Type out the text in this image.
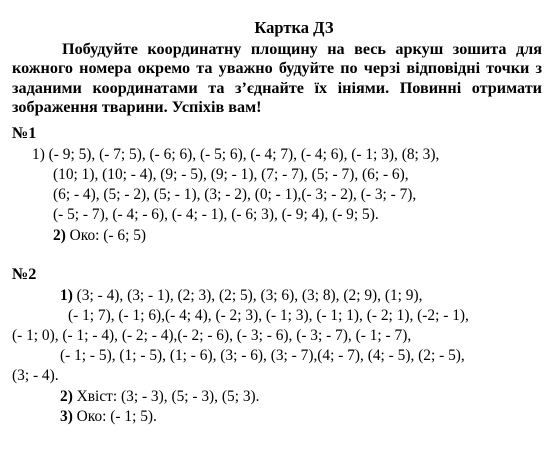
Картка ДЗ
Побудуйте координатну площину на весь аркуш зошита для кожного номера окремо та уважно будуйте по черзі відповідні точки з заданими координатами та з’єднайте їх ініями. Повинні отримати зображення тварини. Успіхів вам!
№1
1) (- 9; 5), (- 7; 5), (- 6; 6), (- 5; 6), (- 4; 7), (- 4; 6), (- 1; 3), (8; 3),
(10; 1), (10; - 4), (9; - 5), (9; - 1), (7; - 7), (5; - 7), (6; - 6),
(6; - 4), (5; - 2), (5; - 1), (3; - 2), (0; - 1),(- 3; - 2), (- 3; - 7),
(- 5; - 7), (- 4; - 6), (- 4; - 1), (- 6; 3), (- 9; 4), (- 9; 5).
2) Око: (- 6; 5)
№2
1) (3; - 4), (3; - 1), (2; 3), (2; 5), (3; 6), (3; 8), (2; 9), (1; 9),
(- 1; 7), (- 1; 6),(- 4; 4), (- 2; 3), (- 1; 3), (- 1; 1), (- 2; 1), (-2; - 1),
(- 1; 0), (- 1; - 4), (- 2; - 4),(- 2; - 6), (- 3; - 6), (- 3; - 7), (- 1; - 7),
(- 1; - 5), (1; - 5), (1; - 6), (3; - 6), (3; - 7),(4; - 7), (4; - 5), (2; - 5),
(3; - 4).
2) Хвіст: (3; - 3), (5; - 3), (5; 3).
3) Око: (- 1; 5).
